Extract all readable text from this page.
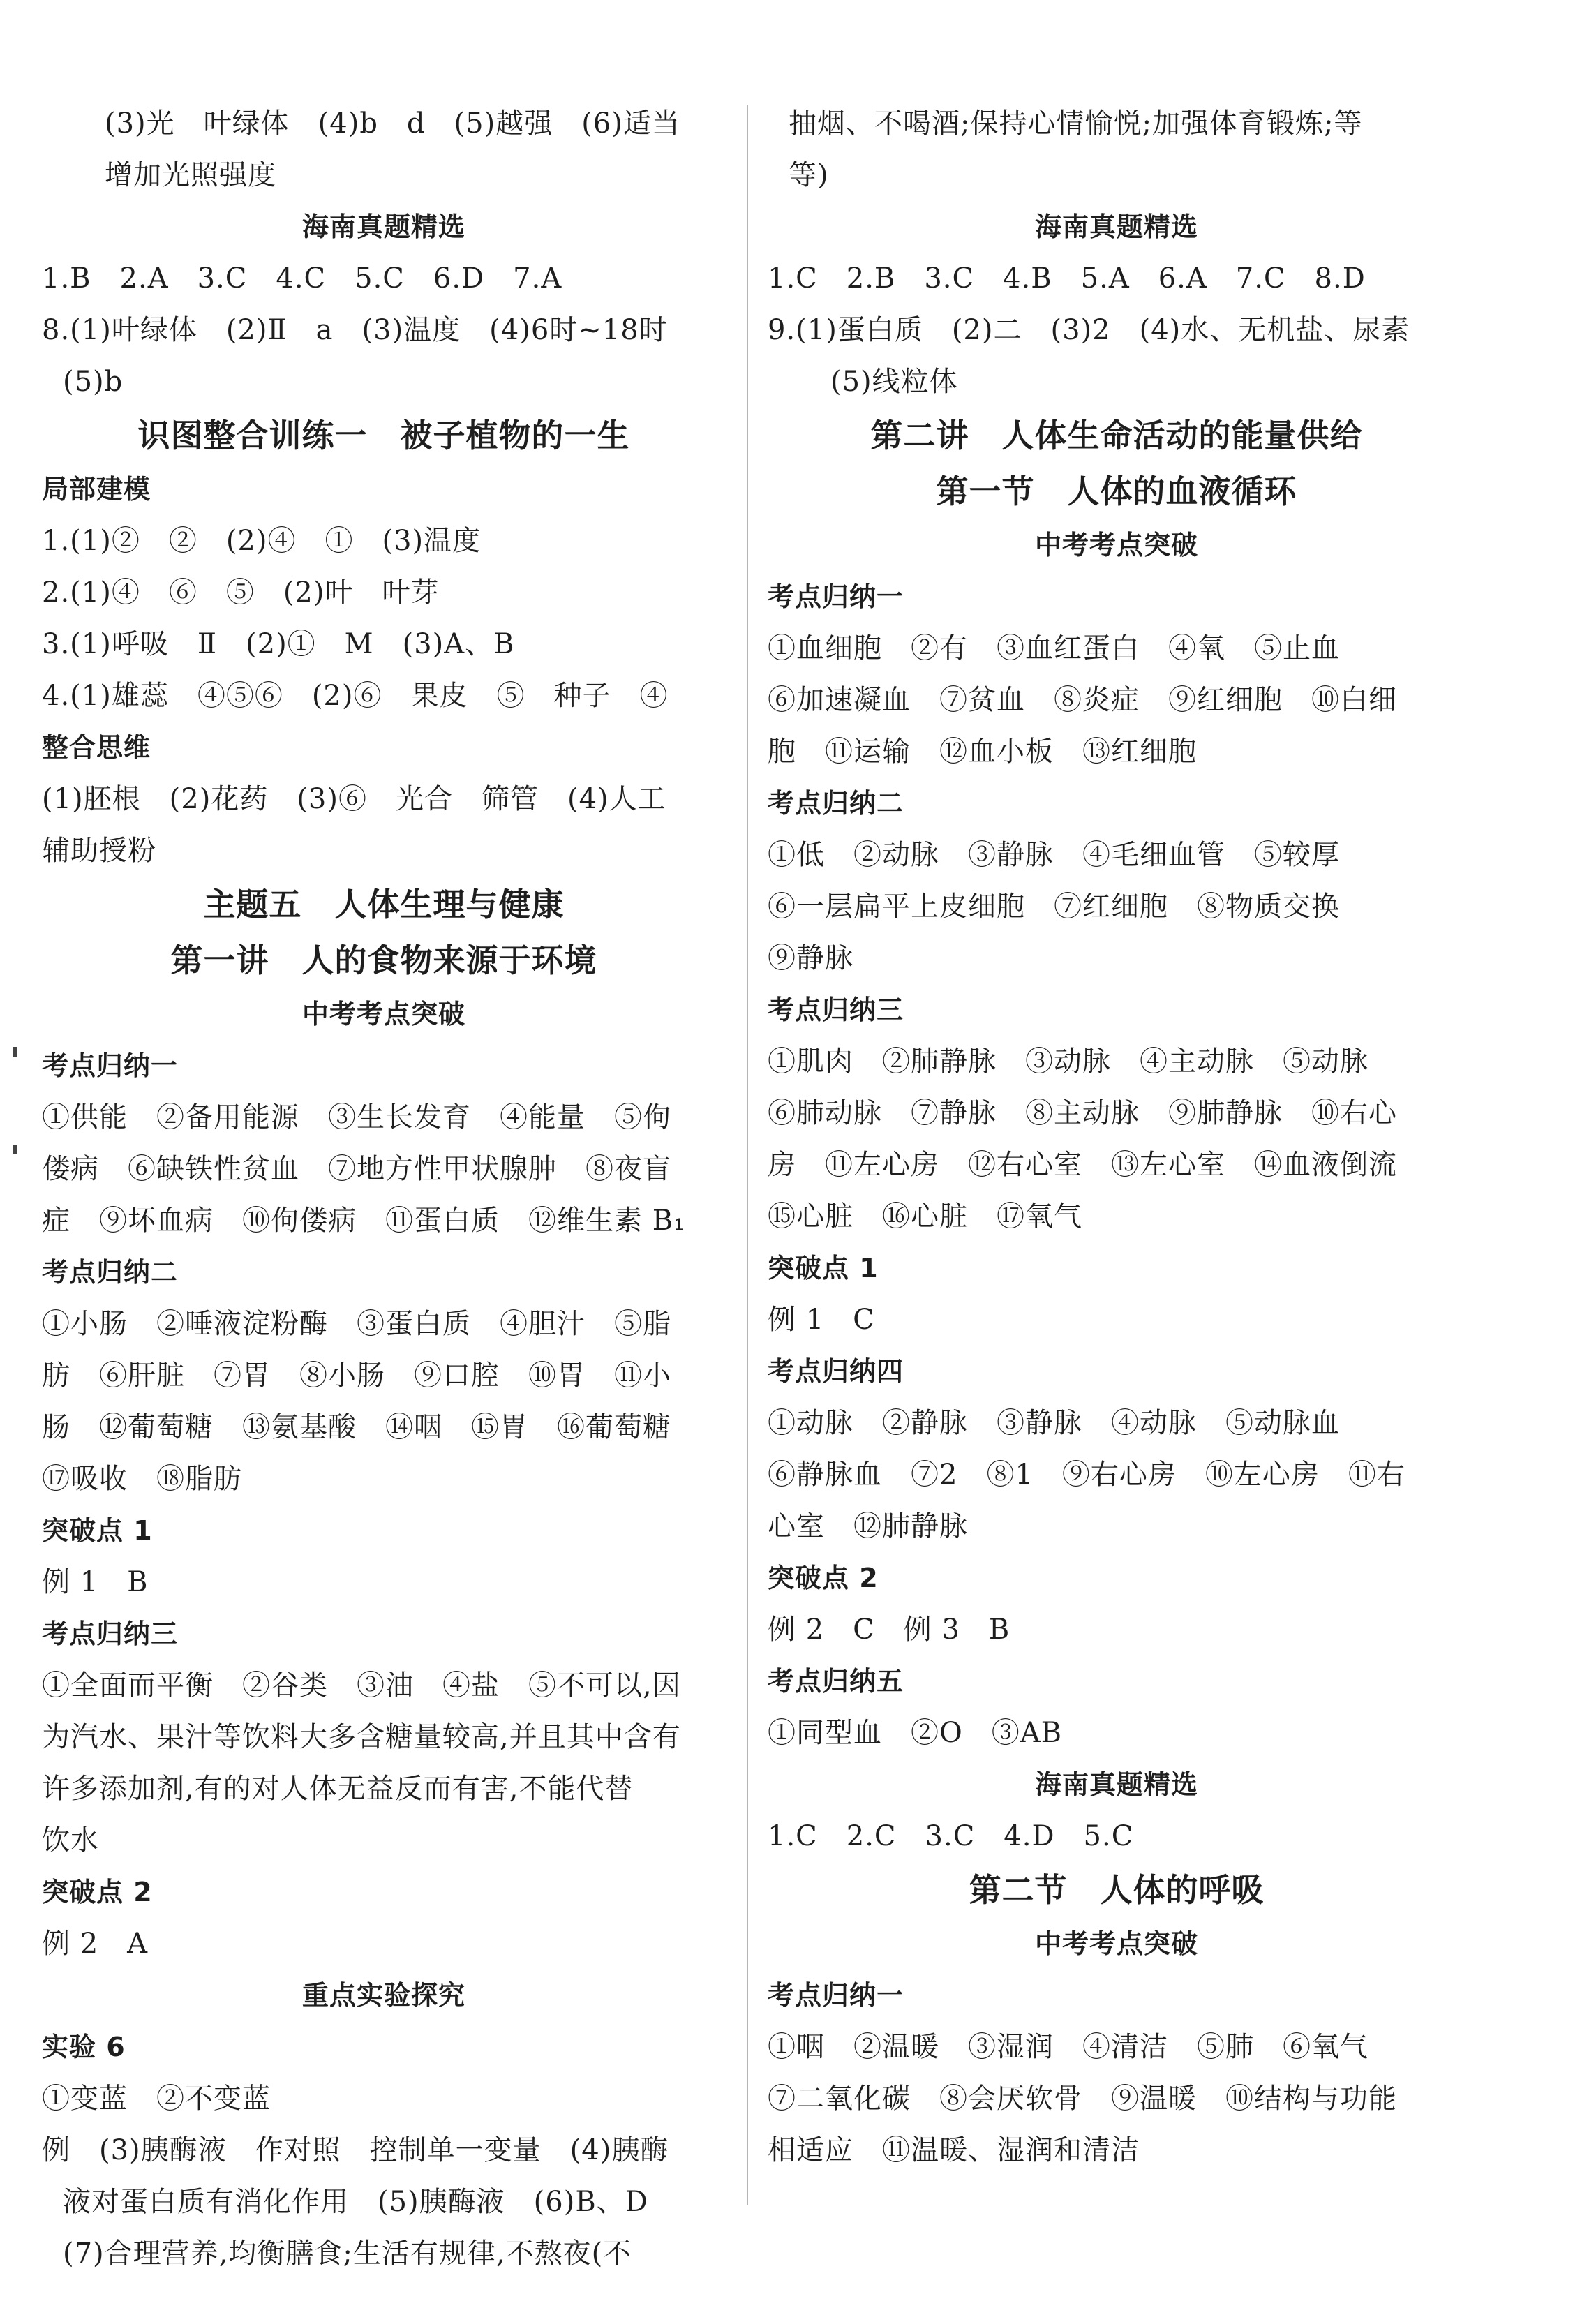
(3)光　叶绿体　(4)b　d　(5)越强　(6)适当
增加光照强度
海南真题精选
1.B　2.A　3.C　4.C　5.C　6.D　7.A
8.(1)叶绿体　(2)Ⅱ　a　(3)温度　(4)6时~18时
(5)b
识图整合训练一　被子植物的一生
局部建模
1.(1)②　②　(2)④　①　(3)温度
2.(1)④　⑥　⑤　(2)叶　叶芽
3.(1)呼吸　Ⅱ　(2)①　M　(3)A、B
4.(1)雄蕊　④⑤⑥　(2)⑥　果皮　⑤　种子　④
整合思维
(1)胚根　(2)花药　(3)⑥　光合　筛管　(4)人工
辅助授粉
主题五　人体生理与健康
第一讲　人的食物来源于环境
中考考点突破
考点归纳一
①供能　②备用能源　③生长发育　④能量　⑤佝
偻病　⑥缺铁性贫血　⑦地方性甲状腺肿　⑧夜盲
症　⑨坏血病　⑩佝偻病　⑪蛋白质　⑫维生素 B₁
考点归纳二
①小肠　②唾液淀粉酶　③蛋白质　④胆汁　⑤脂
肪　⑥肝脏　⑦胃　⑧小肠　⑨口腔　⑩胃　⑪小
肠　⑫葡萄糖　⑬氨基酸　⑭咽　⑮胃　⑯葡萄糖
⑰吸收　⑱脂肪
突破点 1
例 1　B
考点归纳三
①全面而平衡　②谷类　③油　④盐　⑤不可以,因
为汽水、果汁等饮料大多含糖量较高,并且其中含有
许多添加剂,有的对人体无益反而有害,不能代替
饮水
突破点 2
例 2　A
重点实验探究
实验 6
①变蓝　②不变蓝
例　(3)胰酶液　作对照　控制单一变量　(4)胰酶
液对蛋白质有消化作用　(5)胰酶液　(6)B、D
(7)合理营养,均衡膳食;生活有规律,不熬夜(不
抽烟、不喝酒;保持心情愉悦;加强体育锻炼;等
等)
海南真题精选
1.C　2.B　3.C　4.B　5.A　6.A　7.C　8.D
9.(1)蛋白质　(2)二　(3)2　(4)水、无机盐、尿素
(5)线粒体
第二讲　人体生命活动的能量供给
第一节　人体的血液循环
中考考点突破
考点归纳一
①血细胞　②有　③血红蛋白　④氧　⑤止血
⑥加速凝血　⑦贫血　⑧炎症　⑨红细胞　⑩白细
胞　⑪运输　⑫血小板　⑬红细胞
考点归纳二
①低　②动脉　③静脉　④毛细血管　⑤较厚
⑥一层扁平上皮细胞　⑦红细胞　⑧物质交换
⑨静脉
考点归纳三
①肌肉　②肺静脉　③动脉　④主动脉　⑤动脉
⑥肺动脉　⑦静脉　⑧主动脉　⑨肺静脉　⑩右心
房　⑪左心房　⑫右心室　⑬左心室　⑭血液倒流
⑮心脏　⑯心脏　⑰氧气
突破点 1
例 1　C
考点归纳四
①动脉　②静脉　③静脉　④动脉　⑤动脉血
⑥静脉血　⑦2　⑧1　⑨右心房　⑩左心房　⑪右
心室　⑫肺静脉
突破点 2
例 2　C　例 3　B
考点归纳五
①同型血　②O　③AB
海南真题精选
1.C　2.C　3.C　4.D　5.C
第二节　人体的呼吸
中考考点突破
考点归纳一
①咽　②温暖　③湿润　④清洁　⑤肺　⑥氧气
⑦二氧化碳　⑧会厌软骨　⑨温暖　⑩结构与功能
相适应　⑪温暖、湿润和清洁
